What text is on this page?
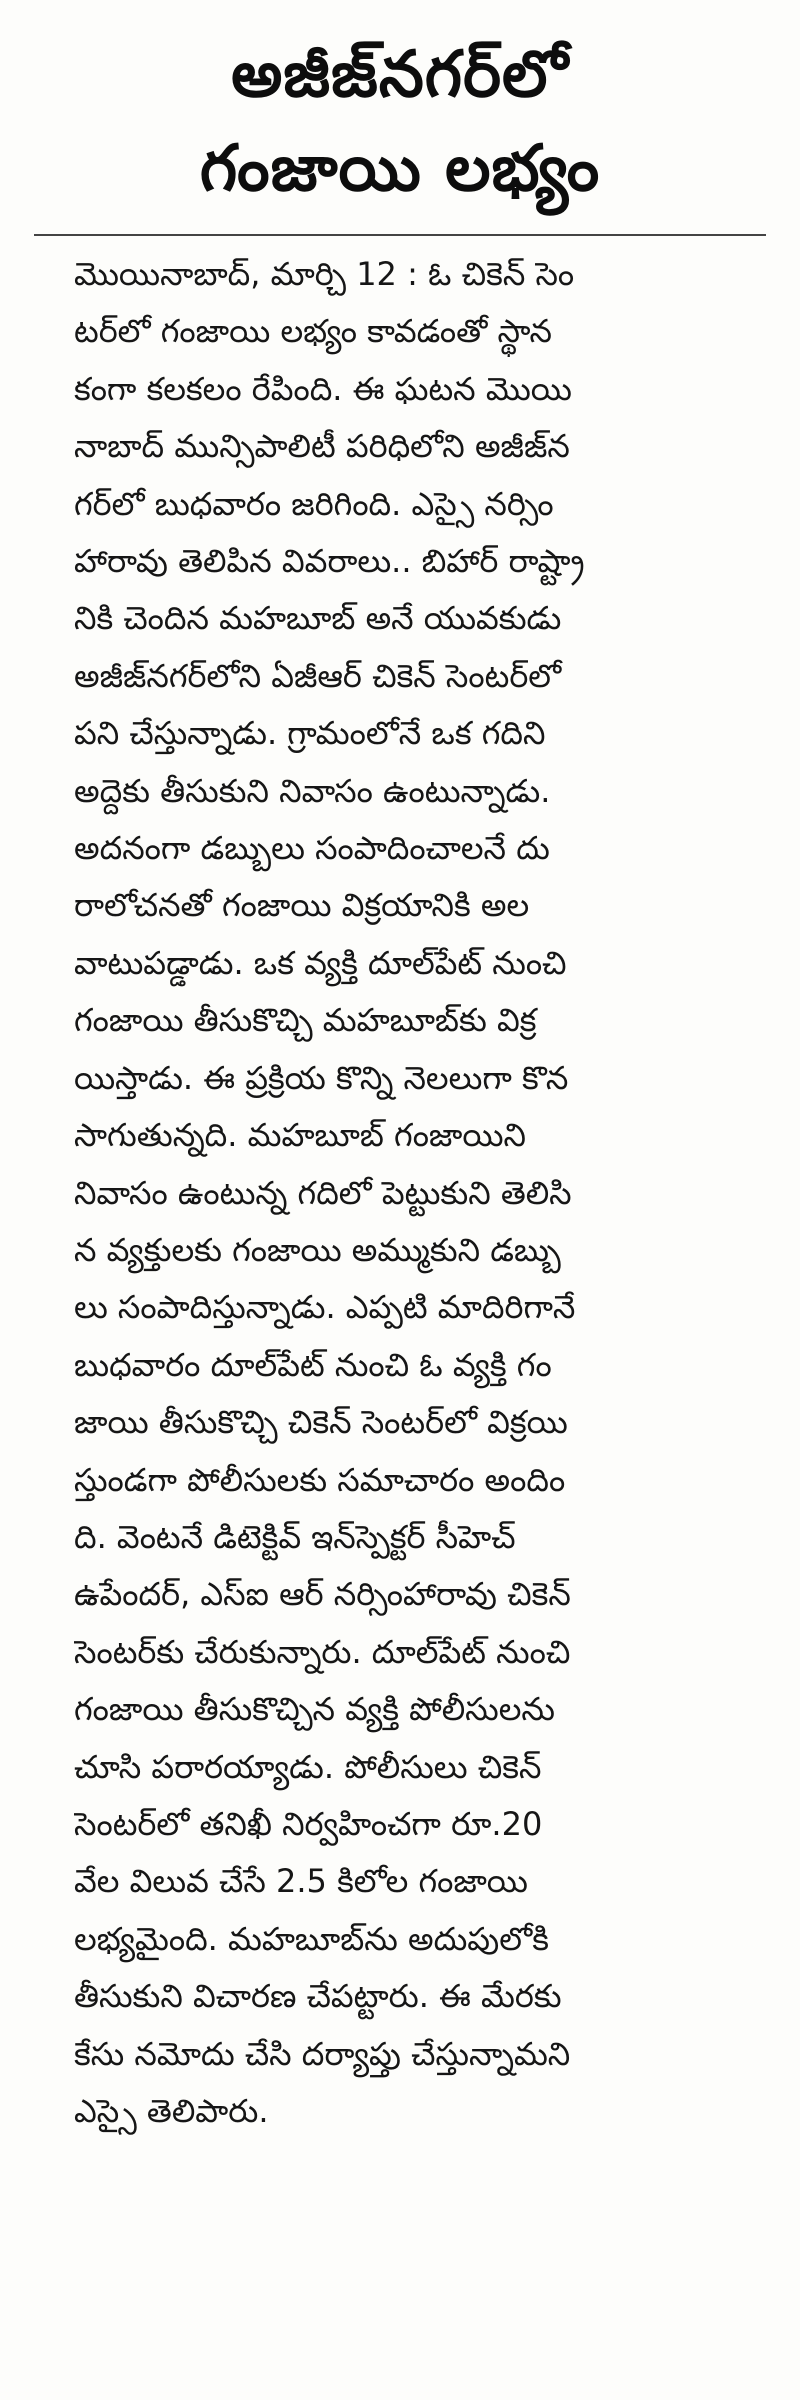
అజీజ్‌నగర్‌లో
గంజాయి లభ్యం
మొయినాబాద్, మార్చి 12 : ఓ చికెన్ సెం
టర్‌లో గంజాయి లభ్యం కావడంతో స్థాన
కంగా కలకలం రేపింది. ఈ ఘటన మొయి
నాబాద్ మున్సిపాలిటీ పరిధిలోని అజీజ్‌న
గర్‌లో బుధవారం జరిగింది. ఎస్సై నర్సిం
హారావు తెలిపిన వివరాలు.. బిహార్ రాష్ట్రా
నికి చెందిన మహబూబ్ అనే యువకుడు
అజీజ్‌నగర్‌లోని ఏజీఆర్ చికెన్ సెంటర్‌లో
పని చేస్తున్నాడు. గ్రామంలోనే ఒక గదిని
అద్దెకు తీసుకుని నివాసం ఉంటున్నాడు.
అదనంగా డబ్బులు సంపాదించాలనే దు
రాలోచనతో గంజాయి విక్రయానికి అల
వాటుపడ్డాడు. ఒక వ్యక్తి దూల్‌పేట్ నుంచి
గంజాయి తీసుకొచ్చి మహబూబ్‌కు విక్ర
యిస్తాడు. ఈ ప్రక్రియ కొన్ని నెలలుగా కొన
సాగుతున్నది. మహబూబ్ గంజాయిని
నివాసం ఉంటున్న గదిలో పెట్టుకుని తెలిసి
న వ్యక్తులకు గంజాయి అమ్ముకుని డబ్బు
లు సంపాదిస్తున్నాడు. ఎప్పటి మాదిరిగానే
బుధవారం దూల్‌పేట్ నుంచి ఓ వ్యక్తి గం
జాయి తీసుకొచ్చి చికెన్ సెంటర్‌లో విక్రయి
స్తుండగా పోలీసులకు సమాచారం అందిం
ది. వెంటనే డిటెక్టివ్ ఇన్‌స్పెక్టర్ సీహెచ్
ఉపేందర్, ఎస్ఐ ఆర్ నర్సింహారావు చికెన్
సెంటర్‌కు చేరుకున్నారు. దూల్‌పేట్ నుంచి
గంజాయి తీసుకొచ్చిన వ్యక్తి పోలీసులను
చూసి పరారయ్యాడు. పోలీసులు చికెన్
సెంటర్‌లో తనిఖీ నిర్వహించగా రూ.20
వేల విలువ చేసే 2.5 కిలోల గంజాయి
లభ్యమైంది. మహబూబ్‌ను అదుపులోకి
తీసుకుని విచారణ చేపట్టారు. ఈ మేరకు
కేసు నమోదు చేసి దర్యాప్తు చేస్తున్నామని
ఎస్సై తెలిపారు.
